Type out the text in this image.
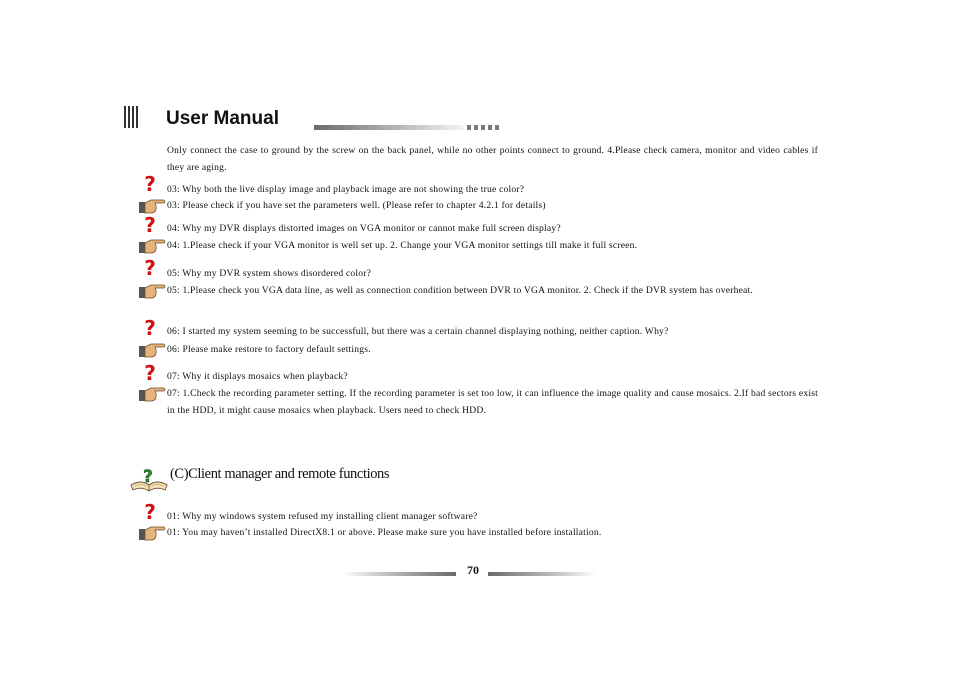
User Manual
Only connect the case to ground by the screw on the back panel, while no other points connect to ground. 4.Please check camera, monitor and video cables if they are aging.
? 03: Why both the live display image and playback image are not showing the true color?
03: Please check if you have set the parameters well. (Please refer to chapter 4.2.1 for details)
? 04: Why my DVR displays distorted images on VGA monitor or cannot make full screen display?
04: 1.Please check if your VGA monitor is well set up. 2. Change your VGA monitor settings till make it full screen.
? 05: Why my DVR system shows disordered color?
05: 1.Please check you VGA data line, as well as connection condition between DVR to VGA monitor. 2. Check if the DVR system has overheat.
? 06: I started my system seeming to be successfull, but there was a certain channel displaying nothing, neither caption. Why?
06: Please make restore to factory default settings.
? 07: Why it displays mosaics when playback?
07: 1.Check the recording parameter setting. If the recording parameter is set too low, it can influence the image quality and cause mosaics. 2.If bad sectors exist in the HDD, it might cause mosaics when playback. Users need to check HDD.
? (C)Client manager and remote functions
? 01: Why my windows system refused my installing client manager software?
01: You may haven’t installed DirectX8.1 or above. Please make sure you have installed before installation.
70
